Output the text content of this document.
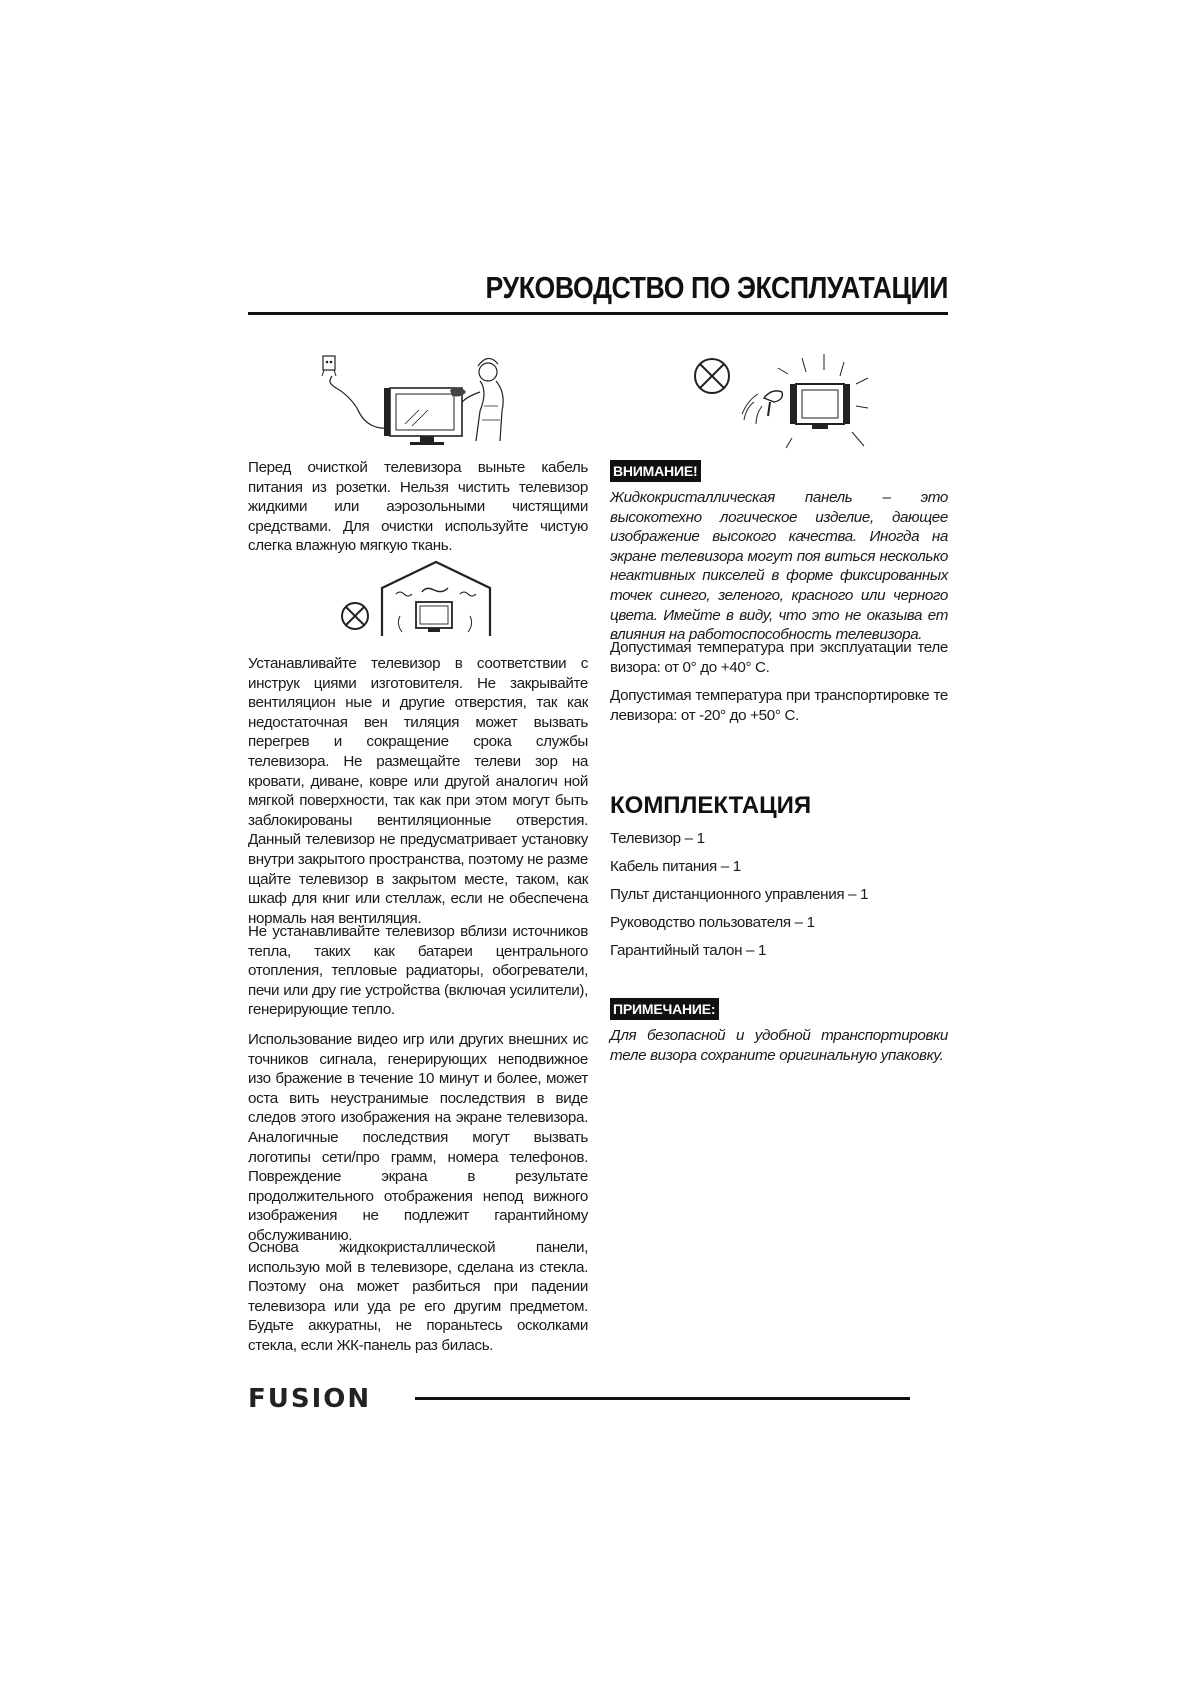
РУКОВОДСТВО ПО ЭКСПЛУАТАЦИИ

Перед очисткой телевизора выньте кабель питания из розетки. Нельзя чистить телевизор жидкими или аэрозольными чистящими средствами. Для очистки используйте чистую слегка влажную мягкую ткань.

Устанавливайте телевизор в соответствии с инструк циями изготовителя. Не закрывайте вентиляцион ные и другие отверстия, так как недостаточная вен тиляция может вызвать перегрев и сокращение срока службы телевизора. Не размещайте телеви зор на кровати, диване, ковре или другой аналогич ной мягкой поверхности, так как при этом могут быть заблокированы вентиляционные отверстия. Данный телевизор не предусматривает установку внутри закрытого пространства, поэтому не разме щайте телевизор в закрытом месте, таком, как шкаф для книг или стеллаж, если не обеспечена нормаль ная вентиляция.

Не устанавливайте телевизор вблизи источников тепла, таких как батареи центрального отопления, тепловые радиаторы, обогреватели, печи или дру гие устройства (включая усилители), генерирующие тепло.

Использование видео игр или других внешних ис точников сигнала, генерирующих неподвижное изо бражение в течение 10 минут и более, может оста вить неустранимые последствия в виде следов этого изображения на экране телевизора. Аналогичные последствия могут вызвать логотипы сети/про грамм, номера телефонов. Повреждение экрана в результате продолжительного отображения непод вижного изображения не подлежит гарантийному обслуживанию.

Основа жидкокристаллической панели, использую мой в телевизоре, сделана из стекла. Поэтому она может разбиться при падении телевизора или уда ре его другим предметом. Будьте аккуратны, не пораньтесь осколками стекла, если ЖК-панель раз билась.

ВНИМАНИЕ!

Жидкокристаллическая панель – это высокотехно логическое изделие, дающее изображение высокого качества. Иногда на экране телевизора могут поя виться несколько неактивных пикселей в форме фиксированных точек синего, зеленого, красного или черного цвета. Имейте в виду, что это не оказыва ет влияния на работоспособность телевизора.

Допустимая температура при эксплуатации теле визора: от 0° до +40° С.

Допустимая температура при транспортировке те левизора: от -20° до +50° С.

КОМПЛЕКТАЦИЯ
Телевизор – 1
Кабель питания – 1
Пульт дистанционного управления – 1
Руководство пользователя – 1
Гарантийный талон – 1
ПРИМЕЧАНИЕ:

Для безопасной и удобной транспортировки теле визора сохраните оригинальную упаковку.

FUSION
